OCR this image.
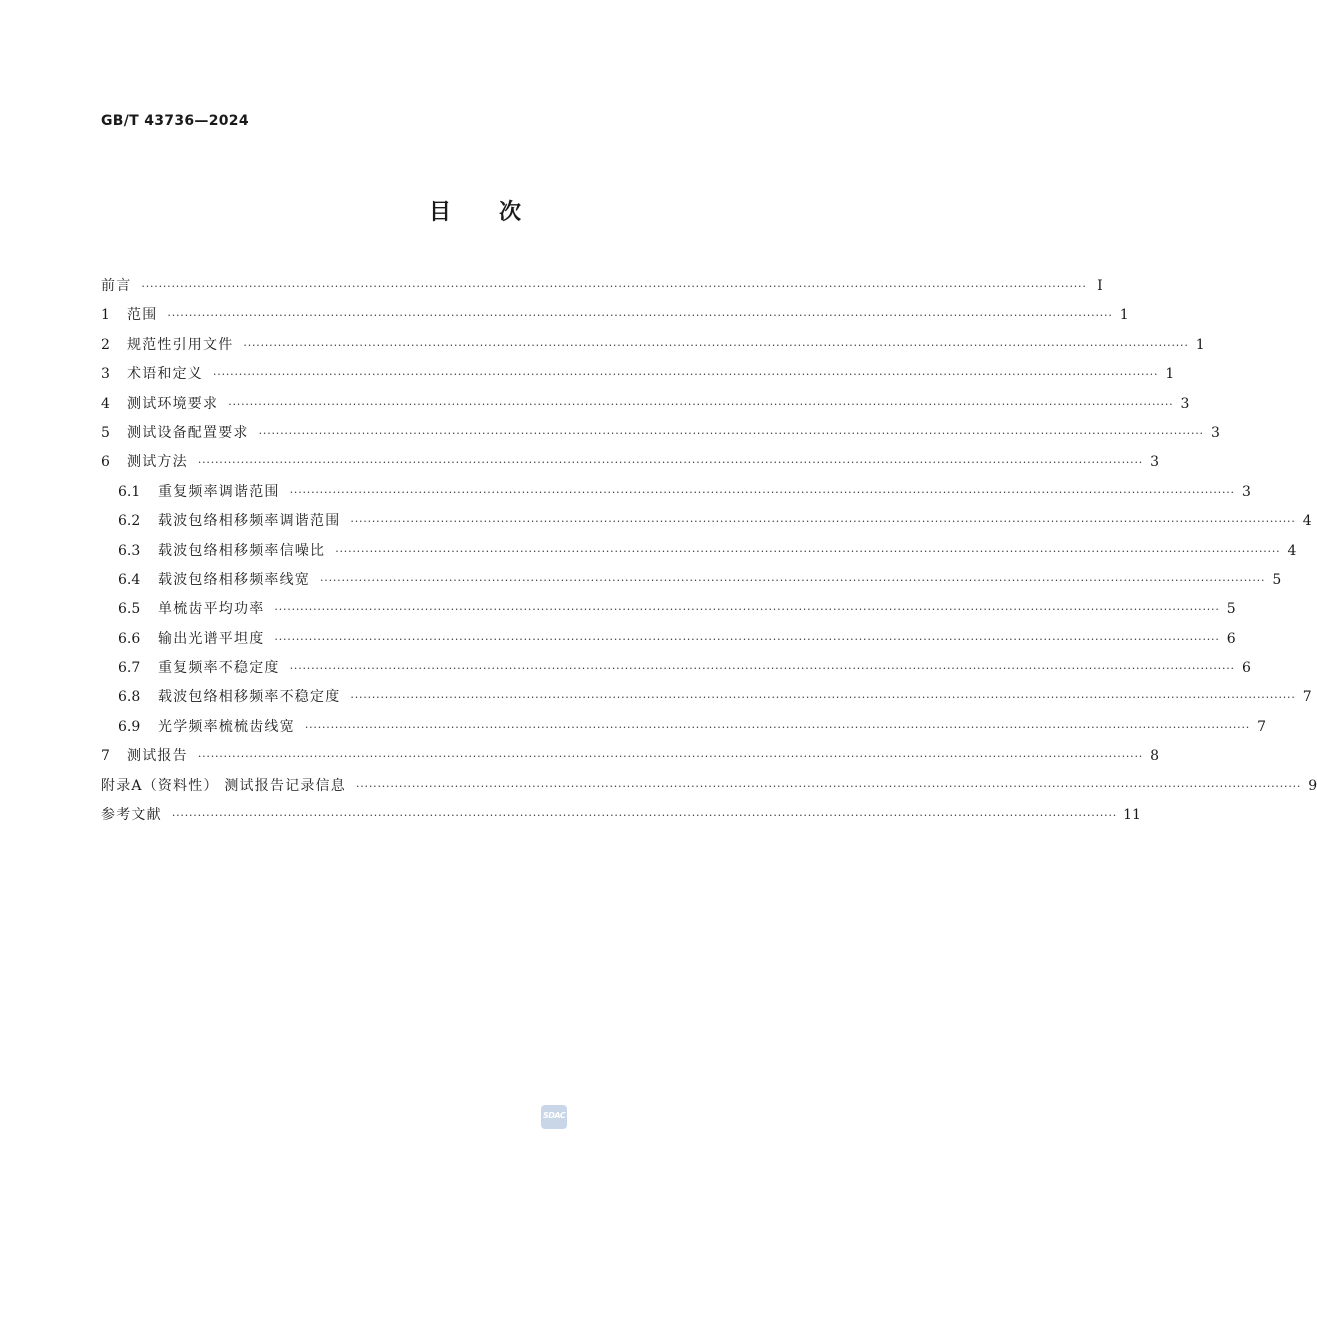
GB/T 43736—2024
目次
前言 ···························································································································································································································· Ⅰ
1	范围 ···························································································································································································································· 1
2	规范性引用文件 ···························································································································································································································· 1
3	术语和定义 ···························································································································································································································· 1
4	测试环境要求 ···························································································································································································································· 3
5	测试设备配置要求 ···························································································································································································································· 3
6	测试方法 ···························································································································································································································· 3
6.1	重复频率调谐范围 ···························································································································································································································· 3
6.2	载波包络相移频率调谐范围 ···························································································································································································································· 4
6.3	载波包络相移频率信噪比 ···························································································································································································································· 4
6.4	载波包络相移频率线宽 ···························································································································································································································· 5
6.5	单梳齿平均功率 ···························································································································································································································· 5
6.6	输出光谱平坦度 ···························································································································································································································· 6
6.7	重复频率不稳定度 ···························································································································································································································· 6
6.8	载波包络相移频率不稳定度 ···························································································································································································································· 7
6.9	光学频率梳梳齿线宽 ···························································································································································································································· 7
7	测试报告 ···························································································································································································································· 8
附录A（资料性） 测试报告记录信息 ···························································································································································································································· 9
参考文献 ···························································································································································································································· 11
SDAC
